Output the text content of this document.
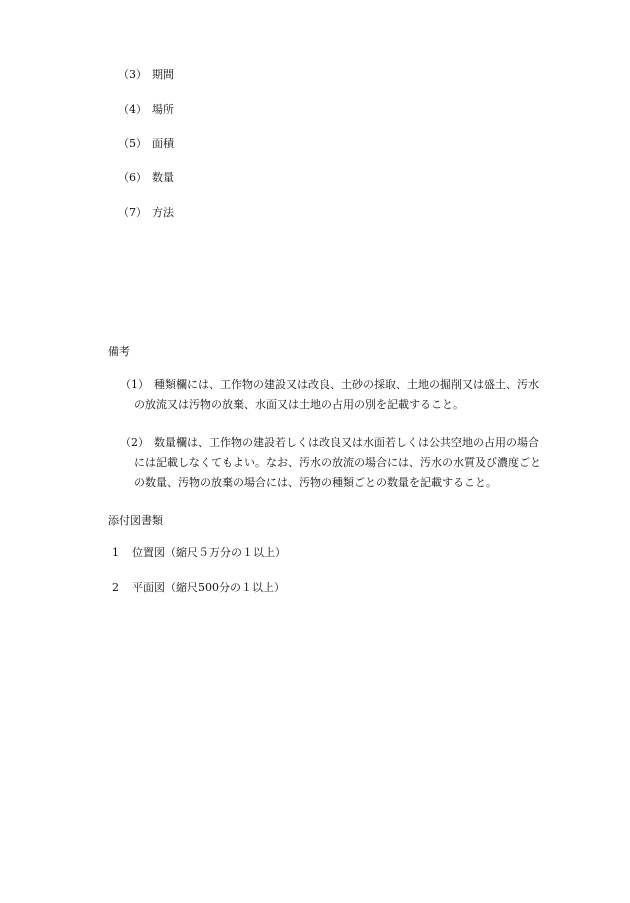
（3） 期間
（4） 場所
（5） 面積
（6） 数量
（7） 方法
備考
（1） 種類欄には、工作物の建設又は改良、土砂の採取、土地の掘削又は盛土、汚水
の放流又は汚物の放棄、水面又は土地の占用の別を記載すること。
（2） 数量欄は、工作物の建設若しくは改良又は水面若しくは公共空地の占用の場合
には記載しなくてもよい。なお、汚水の放流の場合には、汚水の水質及び濃度ごと
の数量、汚物の放棄の場合には、汚物の種類ごとの数量を記載すること。
添付図書類
1 位置図（縮尺５万分の１以上）
2 平面図（縮尺500分の１以上）
